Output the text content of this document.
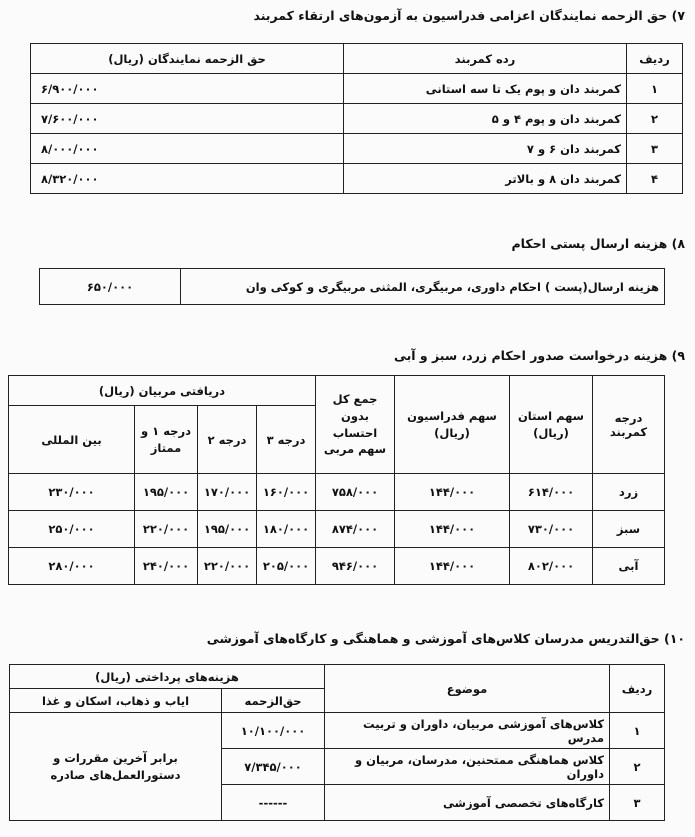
۷) حق الزحمه نمایندگان اعزامی فدراسیون به آزمون‌های ارتقاء کمربند
ردیف	رده کمربند	حق الزحمه نمایندگان (ریال)
۱	کمربند دان و پوم یک تا سه استانی	۶/۹۰۰/۰۰۰
۲	کمربند دان و پوم ۴ و ۵	۷/۶۰۰/۰۰۰
۳	کمربند دان ۶ و ۷	۸/۰۰۰/۰۰۰
۴	کمربند دان ۸ و بالاتر	۸/۳۲۰/۰۰۰
۸) هزینه ارسال پستی احکام
هزینه ارسال(پست ) احکام داوری، مربیگری، المثنی مربیگری و کوکی وان	۶۵۰/۰۰۰
۹) هزینه درخواست صدور احکام زرد، سبز و آبی
درجه کمربند	سهم استان (ریال)	سهم فدراسیون (ریال)	جمع کل بدون احتساب سهم مربی	دریافتی مربیان (ریال)			
				درجه ۳	درجه ۲	درجه ۱ و ممتاز	بین المللی
زرد	۶۱۴/۰۰۰	۱۴۴/۰۰۰	۷۵۸/۰۰۰	۱۶۰/۰۰۰	۱۷۰/۰۰۰	۱۹۵/۰۰۰	۲۳۰/۰۰۰
سبز	۷۳۰/۰۰۰	۱۴۴/۰۰۰	۸۷۴/۰۰۰	۱۸۰/۰۰۰	۱۹۵/۰۰۰	۲۲۰/۰۰۰	۲۵۰/۰۰۰
آبی	۸۰۲/۰۰۰	۱۴۴/۰۰۰	۹۴۶/۰۰۰	۲۰۵/۰۰۰	۲۲۰/۰۰۰	۲۴۰/۰۰۰	۲۸۰/۰۰۰
۱۰) حق‌التدریس مدرسان کلاس‌های آموزشی و هماهنگی و کارگاه‌های آموزشی
ردیف	موضوع	هزینه‌های پرداختی (ریال)	
		حق‌الزحمه	ایاب و ذهاب، اسکان و غذا
۱	کلاس‌های آموزشی مربیان، داوران و تربیت مدرس	۱۰/۱۰۰/۰۰۰	برابر آخرین مقررات و دستورالعمل‌های صادره
۲	کلاس هماهنگی ممتحنین، مدرسان، مربیان و داوران	۷/۳۴۵/۰۰۰	
۳	کارگاه‌های تخصصی آموزشی	------	
